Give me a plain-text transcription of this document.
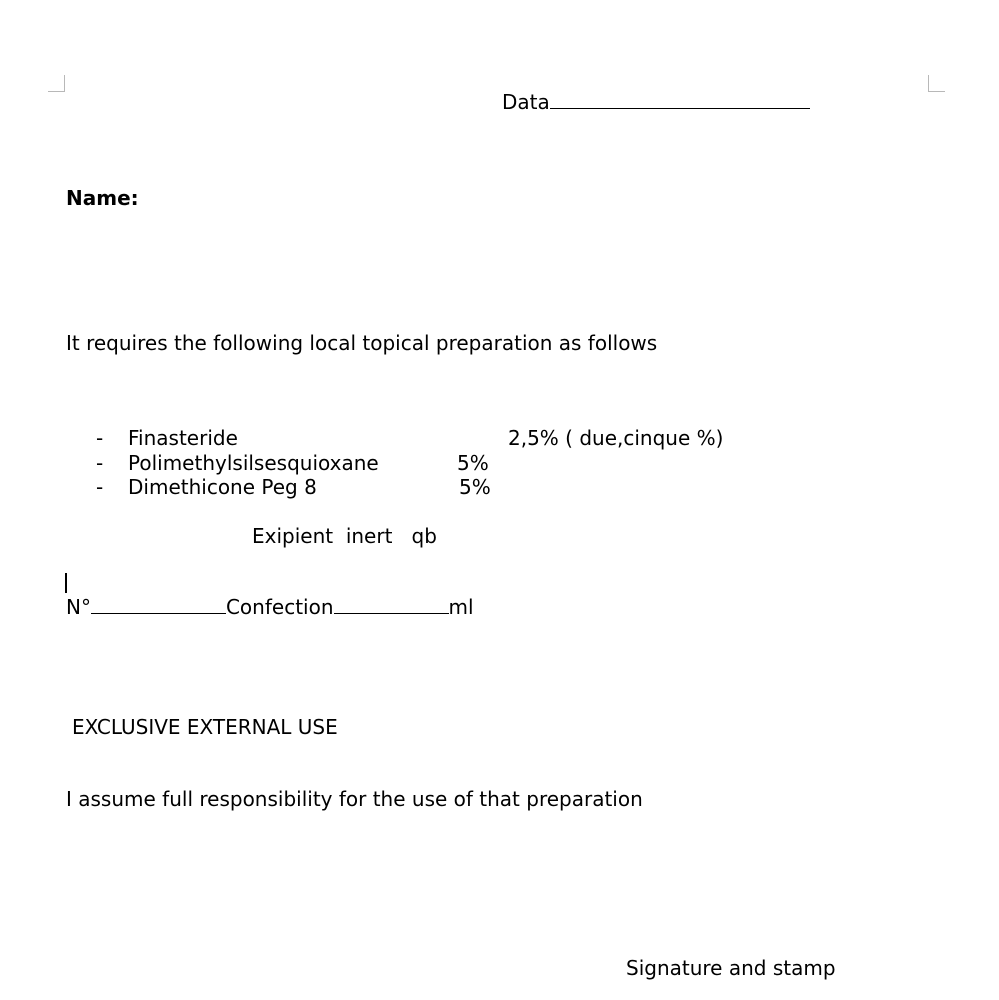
Data
Name:
It requires the following local topical preparation as follows
- Finasteride	2,5% ( due,cinque %)
- Polimethylsilsesquioxane	5%
- Dimethicone Peg 8	5%
Exipient  inert   qb
N°	Confection	ml
EXCLUSIVE EXTERNAL USE
I assume full responsibility for the use of that preparation
Signature and stamp
